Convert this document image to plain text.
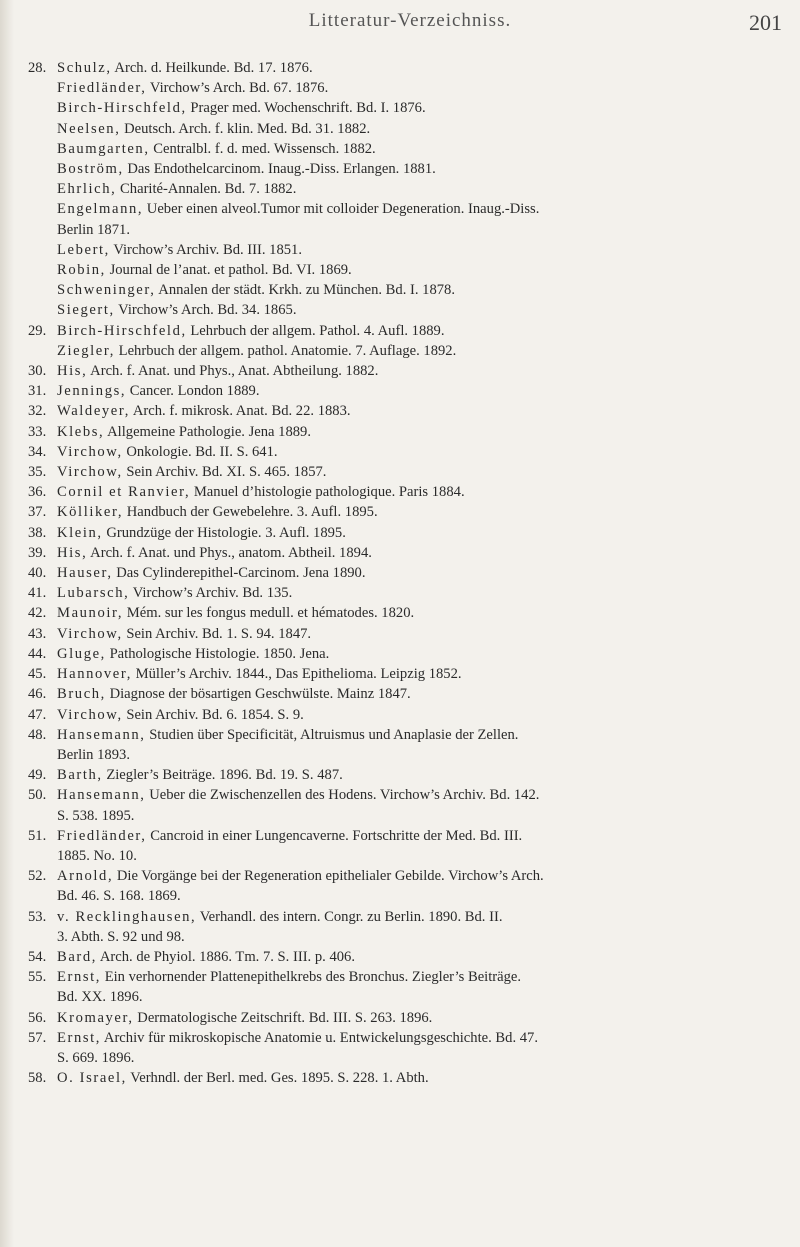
Litteratur-Verzeichniss.	201
28. Schulz, Arch. d. Heilkunde. Bd. 17. 1876.
Friedländer, Virchow’s Arch. Bd. 67. 1876.
Birch-Hirschfeld, Prager med. Wochenschrift. Bd. I. 1876.
Neelsen, Deutsch. Arch. f. klin. Med. Bd. 31. 1882.
Baumgarten, Centralbl. f. d. med. Wissensch. 1882.
Boström, Das Endothelcarcinom. Inaug.-Diss. Erlangen. 1881.
Ehrlich, Charité-Annalen. Bd. 7. 1882.
Engelmann, Ueber einen alveol.Tumor mit colloider Degeneration. Inaug.-Diss.
Berlin 1871.
Lebert, Virchow’s Archiv. Bd. III. 1851.
Robin, Journal de l’anat. et pathol. Bd. VI. 1869.
Schweninger, Annalen der städt. Krkh. zu München. Bd. I. 1878.
Siegert, Virchow’s Arch. Bd. 34. 1865.
29. Birch-Hirschfeld, Lehrbuch der allgem. Pathol. 4. Aufl. 1889.
Ziegler, Lehrbuch der allgem. pathol. Anatomie. 7. Auflage. 1892.
30. His, Arch. f. Anat. und Phys., Anat. Abtheilung. 1882.
31. Jennings, Cancer. London 1889.
32. Waldeyer, Arch. f. mikrosk. Anat. Bd. 22. 1883.
33. Klebs, Allgemeine Pathologie. Jena 1889.
34. Virchow, Onkologie. Bd. II. S. 641.
35. Virchow, Sein Archiv. Bd. XI. S. 465. 1857.
36. Cornil et Ranvier, Manuel d’histologie pathologique. Paris 1884.
37. Kölliker, Handbuch der Gewebelehre. 3. Aufl. 1895.
38. Klein, Grundzüge der Histologie. 3. Aufl. 1895.
39. His, Arch. f. Anat. und Phys., anatom. Abtheil. 1894.
40. Hauser, Das Cylinderepithel-Carcinom. Jena 1890.
41. Lubarsch, Virchow’s Archiv. Bd. 135.
42. Maunoir, Mém. sur les fongus medull. et hématodes. 1820.
43. Virchow, Sein Archiv. Bd. 1. S. 94. 1847.
44. Gluge, Pathologische Histologie. 1850. Jena.
45. Hannover, Müller’s Archiv. 1844., Das Epithelioma. Leipzig 1852.
46. Bruch, Diagnose der bösartigen Geschwülste. Mainz 1847.
47. Virchow, Sein Archiv. Bd. 6. 1854. S. 9.
48. Hansemann, Studien über Specificität, Altruismus und Anaplasie der Zellen.
Berlin 1893.
49. Barth, Ziegler’s Beiträge. 1896. Bd. 19. S. 487.
50. Hansemann, Ueber die Zwischenzellen des Hodens. Virchow’s Archiv. Bd. 142.
S. 538. 1895.
51. Friedländer, Cancroid in einer Lungencaverne. Fortschritte der Med. Bd. III.
1885. No. 10.
52. Arnold, Die Vorgänge bei der Regeneration epithelialer Gebilde. Virchow’s Arch.
Bd. 46. S. 168. 1869.
53. v. Recklinghausen, Verhandl. des intern. Congr. zu Berlin. 1890. Bd. II.
3. Abth. S. 92 und 98.
54. Bard, Arch. de Phyiol. 1886. Tm. 7. S. III. p. 406.
55. Ernst, Ein verhornender Plattenepithelkrebs des Bronchus. Ziegler’s Beiträge.
Bd. XX. 1896.
56. Kromayer, Dermatologische Zeitschrift. Bd. III. S. 263. 1896.
57. Ernst, Archiv für mikroskopische Anatomie u. Entwickelungsgeschichte. Bd. 47.
S. 669. 1896.
58. O. Israel, Verhndl. der Berl. med. Ges. 1895. S. 228. 1. Abth.
